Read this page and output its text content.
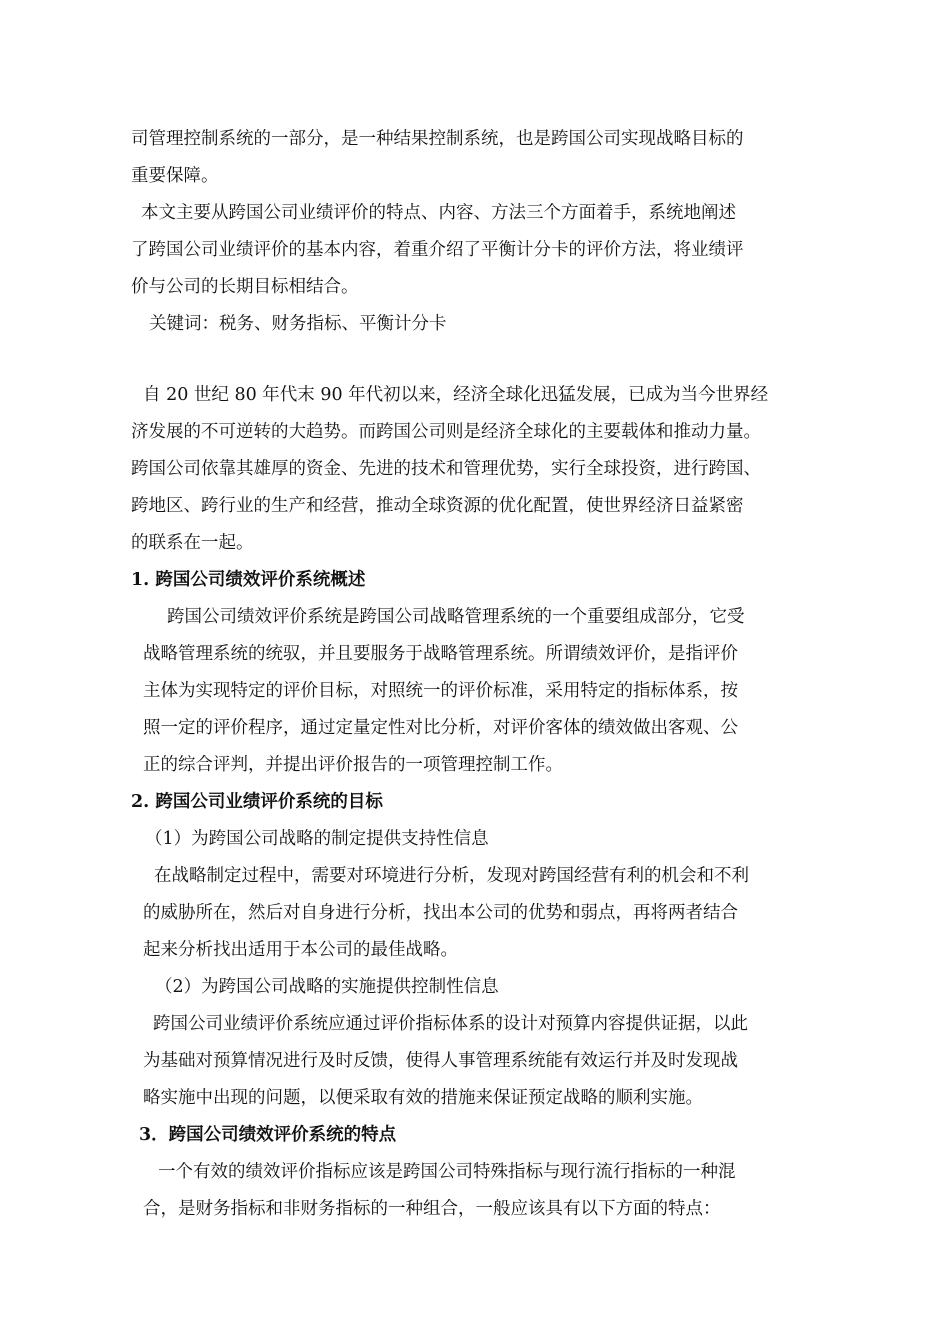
司管理控制系统的一部分，是一种结果控制系统，也是跨国公司实现战略目标的
重要保障。
本文主要从跨国公司业绩评价的特点、内容、方法三个方面着手，系统地阐述
了跨国公司业绩评价的基本内容，着重介绍了平衡计分卡的评价方法，将业绩评
价与公司的长期目标相结合。
关键词：税务、财务指标、平衡计分卡
自 20 世纪 80 年代末 90 年代初以来，经济全球化迅猛发展，已成为当今世界经
济发展的不可逆转的大趋势。而跨国公司则是经济全球化的主要载体和推动力量。
跨国公司依靠其雄厚的资金、先进的技术和管理优势，实行全球投资，进行跨国、
跨地区、跨行业的生产和经营，推动全球资源的优化配置，使世界经济日益紧密
的联系在一起。
1. 跨国公司绩效评价系统概述
跨国公司绩效评价系统是跨国公司战略管理系统的一个重要组成部分，它受
战略管理系统的统驭，并且要服务于战略管理系统。所谓绩效评价，是指评价
主体为实现特定的评价目标，对照统一的评价标准，采用特定的指标体系，按
照一定的评价程序，通过定量定性对比分析，对评价客体的绩效做出客观、公
正的综合评判，并提出评价报告的一项管理控制工作。
2. 跨国公司业绩评价系统的目标
（1）为跨国公司战略的制定提供支持性信息
在战略制定过程中，需要对环境进行分析，发现对跨国经营有利的机会和不利
的威胁所在，然后对自身进行分析，找出本公司的优势和弱点，再将两者结合
起来分析找出适用于本公司的最佳战略。
（2）为跨国公司战略的实施提供控制性信息
跨国公司业绩评价系统应通过评价指标体系的设计对预算内容提供证据，以此
为基础对预算情况进行及时反馈，使得人事管理系统能有效运行并及时发现战
略实施中出现的问题，以便采取有效的措施来保证预定战略的顺利实施。
3．跨国公司绩效评价系统的特点
一个有效的绩效评价指标应该是跨国公司特殊指标与现行流行指标的一种混
合，是财务指标和非财务指标的一种组合，一般应该具有以下方面的特点：
